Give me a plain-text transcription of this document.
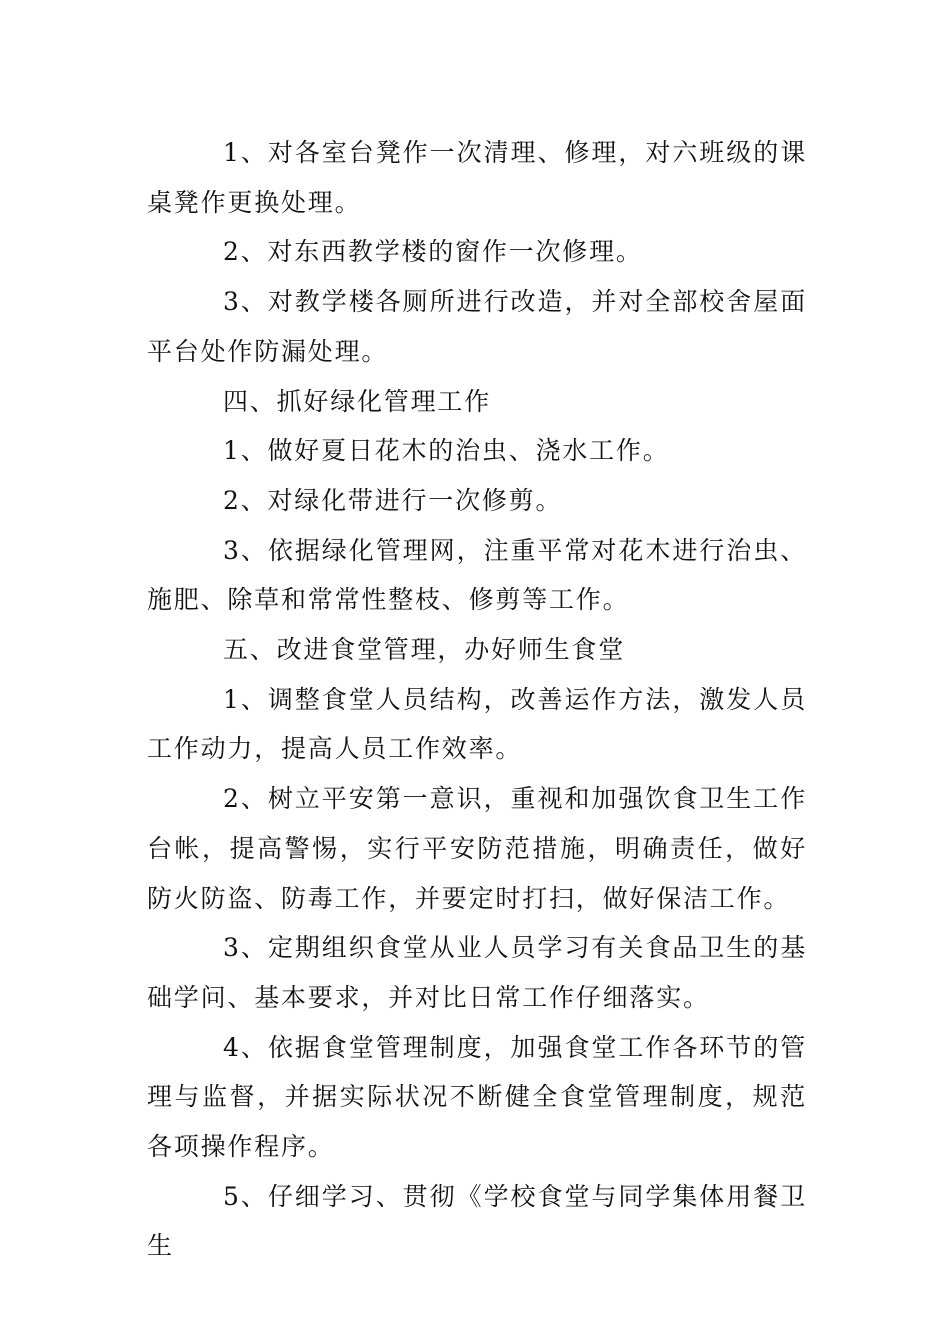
1、对各室台凳作一次清理、修理，对六班级的课桌凳作更换处理。

2、对东西教学楼的窗作一次修理。

3、对教学楼各厕所进行改造，并对全部校舍屋面平台处作防漏处理。

四、抓好绿化管理工作

1、做好夏日花木的治虫、浇水工作。

2、对绿化带进行一次修剪。

3、依据绿化管理网，注重平常对花木进行治虫、施肥、除草和常常性整枝、修剪等工作。

五、改进食堂管理，办好师生食堂

1、调整食堂人员结构，改善运作方法，激发人员工作动力，提高人员工作效率。

2、树立平安第一意识，重视和加强饮食卫生工作台帐，提高警惕，实行平安防范措施，明确责任，做好防火防盗、防毒工作，并要定时打扫，做好保洁工作。

3、定期组织食堂从业人员学习有关食品卫生的基础学问、基本要求，并对比日常工作仔细落实。

4、依据食堂管理制度，加强食堂工作各环节的管理与监督，并据实际状况不断健全食堂管理制度，规范各项操作程序。

5、仔细学习、贯彻《学校食堂与同学集体用餐卫生
